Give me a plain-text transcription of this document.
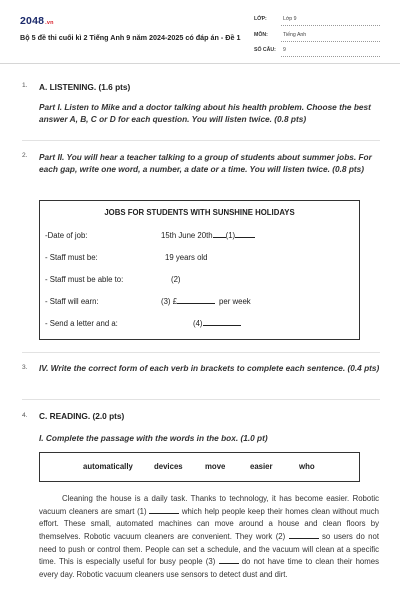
2048.vn
Bộ 5 đề thi cuối kì 2 Tiếng Anh 9 năm 2024-2025 có đáp án - Đề 1
LỚP:	Lớp 9
MÔN:	Tiếng Anh
SỐ CÂU: 9
1. A. LISTENING. (1.6 pts)
Part I. Listen to Mike and a doctor talking about his health problem. Choose the best answer A, B, C or D for each question. You will listen twice. (0.8 pts)
2. Part II. You will hear a teacher talking to a group of students about summer jobs. For each gap, write one word, a number, a date or a time. You will listen twice. (0.8 pts)
JOBS FOR STUDENTS WITH SUNSHINE HOLIDAYS
-Date of job:	15th June 20th (1)
- Staff must be:	19 years old
- Staff must be able to:	(2)
- Staff will earn:	(3) £	per week
- Send a letter and a:	(4)
3. IV. Write the correct form of each verb in brackets to complete each sentence. (0.4 pts)
4. C. READING. (2.0 pts)
I. Complete the passage with the words in the box. (1.0 pt)
automatically	devices	move	easier	who

Cleaning the house is a daily task. Thanks to technology, it has become easier. Robotic vacuum cleaners are smart (1)	which help people keep their homes clean without much effort. These small, automated machines can move around a house and clean floors by themselves. Robotic vacuum cleaners are convenient. They work (2)	so users do not need to push or control them. People can set a schedule, and the vacuum will clean at a specific time. This is especially useful for busy people (3)	do not have time to clean their homes every day. Robotic vacuum cleaners use sensors to detect dust and dirt.
